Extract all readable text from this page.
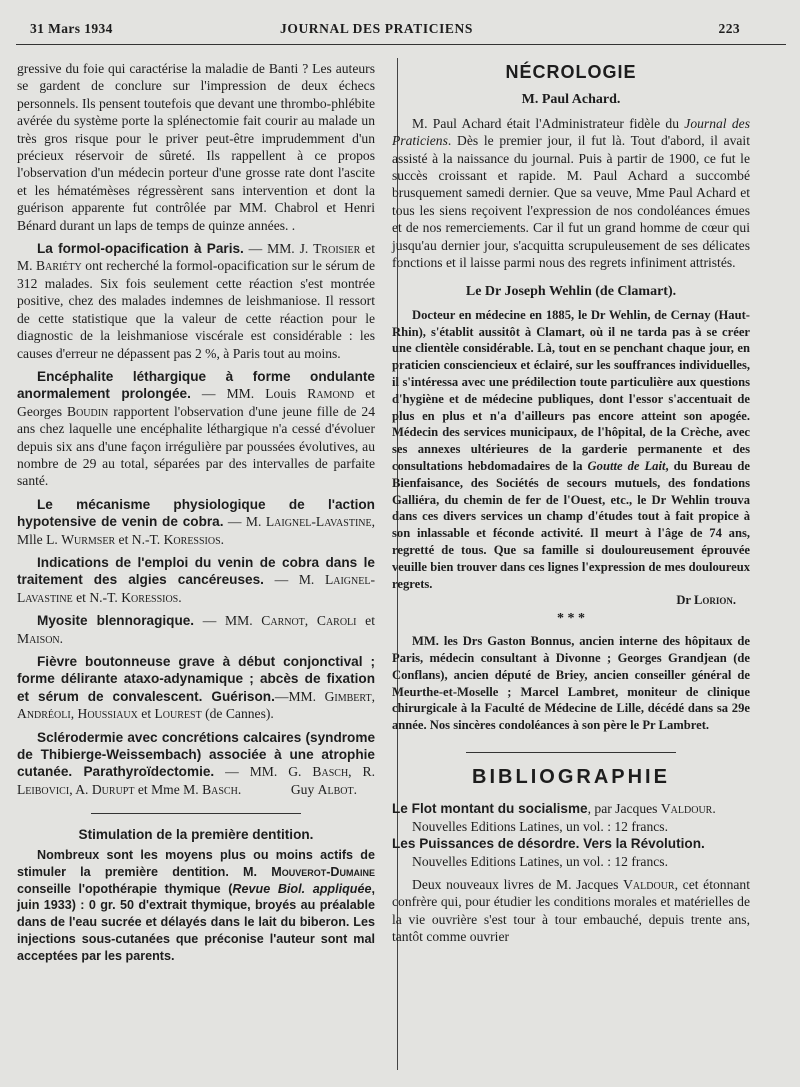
31 Mars 1934	JOURNAL DES PRATICIENS	223

gressive du foie qui caractérise la maladie de Banti ? Les auteurs se gardent de conclure sur l'impression de deux échecs personnels. Ils pensent toutefois que devant une thrombo-phlébite avérée du système porte la splénectomie fait courir au malade un très gros risque pour le priver peut-être imprudemment d'un précieux réservoir de sûreté. Ils rappellent à ce propos l'observation d'un médecin porteur d'une grosse rate dont l'ascite et les hématémèses régressèrent sans intervention et dont la guérison apparente fut contrôlée par MM. Chabrol et Henri Bénard durant un laps de temps de quinze années. .

La formol-opacification à Paris. — MM. J. Troisier et M. Bariéty ont recherché la formol-opacification sur le sérum de 312 malades. Six fois seulement cette réaction s'est montrée positive, chez des malades indemnes de leishmaniose. Il ressort de cette statistique que la valeur de cette réaction pour le diagnostic de la leishmaniose viscérale est considérable : les causes d'erreur ne dépassent pas 2 %, à Paris tout au moins.

Encéphalite léthargique à forme ondulante anormalement prolongée. — MM. Louis Ramond et Georges Boudin rapportent l'observation d'une jeune fille de 24 ans chez laquelle une encéphalite léthargique n'a cessé d'évoluer depuis six ans d'une façon irrégulière par poussées évolutives, au nombre de 29 au total, séparées par des intervalles de parfaite santé.

Le mécanisme physiologique de l'action hypotensive de venin de cobra. — M. Laignel-Lavastine, Mlle L. Wurmser et N.-T. Koressios.

Indications de l'emploi du venin de cobra dans le traitement des algies cancéreuses. — M. Laignel-Lavastine et N.-T. Koressios.

Myosite blennoragique. — MM. Carnot, Caroli et Maison.

Fièvre boutonneuse grave à début conjonctival ; forme délirante ataxo-adynamique ; abcès de fixation et sérum de convalescent. Guérison.—MM. Gimbert, Andréoli, Houssiaux et Lourest (de Cannes).

Sclérodermie avec concrétions calcaires (syndrome de Thibierge-Weissembach) associée à une atrophie cutanée. Parathyroïdectomie. — MM. G. Basch, R. Leibovici, A. Durupt et Mme M. Basch.	Guy Albot.

Stimulation de la première dentition.

Nombreux sont les moyens plus ou moins actifs de stimuler la première dentition. M. Mouverot-Dumaine conseille l'opothérapie thymique (Revue Biol. appliquée, juin 1933) : 0 gr. 50 d'extrait thymique, broyés au préalable dans de l'eau sucrée et délayés dans le lait du biberon. Les injections sous-cutanées que préconise l'auteur sont mal acceptées par les parents.

NÉCROLOGIE

M. Paul Achard.

M. Paul Achard était l'Administrateur fidèle du Journal des Praticiens. Dès le premier jour, il fut là. Tout d'abord, il avait assisté à la naissance du journal. Puis à partir de 1900, ce fut le succès croissant et rapide. M. Paul Achard a succombé brusquement samedi dernier. Que sa veuve, Mme Paul Achard et tous les siens reçoivent l'expression de nos condoléances émues et de nos remerciements. Car il fut un grand homme de cœur qui jusqu'au dernier jour, s'acquitta scrupuleusement de ses délicates fonctions et il laisse parmi nous des regrets infiniment attristés.

Le Dr Joseph Wehlin (de Clamart).

Docteur en médecine en 1885, le Dr Wehlin, de Cernay (Haut-Rhin), s'établit aussitôt à Clamart, où il ne tarda pas à se créer une clientèle considérable. Là, tout en se penchant chaque jour, en praticien consciencieux et éclairé, sur les souffrances individuelles, il s'intéressa avec une prédilection toute particulière aux questions d'hygiène et de médecine publiques, dont l'essor s'accentuait de plus en plus et n'a d'ailleurs pas encore atteint son apogée. Médecin des services municipaux, de l'hôpital, de la Crèche, avec ses annexes ultérieures de la garderie permanente et des consultations hebdomadaires de la Goutte de Lait, du Bureau de Bienfaisance, des Sociétés de secours mutuels, des fondations Galliéra, du chemin de fer de l'Ouest, etc., le Dr Wehlin trouva dans ces divers services un champ d'études tout à fait propice à son inlassable et féconde activité. Il meurt à l'âge de 74 ans, regretté de tous. Que sa famille si douloureusement éprouvée veuille bien trouver dans ces lignes l'expression de mes douloureux regrets.

Dr Lorion.

* * *

MM. les Drs Gaston Bonnus, ancien interne des hôpitaux de Paris, médecin consultant à Divonne ; Georges Grandjean (de Conflans), ancien député de Briey, ancien conseiller général de Meurthe-et-Moselle ; Marcel Lambret, moniteur de clinique chirurgicale à la Faculté de Médecine de Lille, décédé dans sa 29e année. Nos sincères condoléances à son père le Pr Lambret.

BIBLIOGRAPHIE

Le Flot montant du socialisme, par Jacques Valdour.

Nouvelles Editions Latines, un vol. : 12 francs.

Les Puissances de désordre. Vers la Révolution.

Nouvelles Editions Latines, un vol. : 12 francs.

Deux nouveaux livres de M. Jacques Valdour, cet étonnant confrère qui, pour étudier les conditions morales et matérielles de la vie ouvrière s'est tour à tour embauché, depuis trente ans, tantôt comme ouvrier
